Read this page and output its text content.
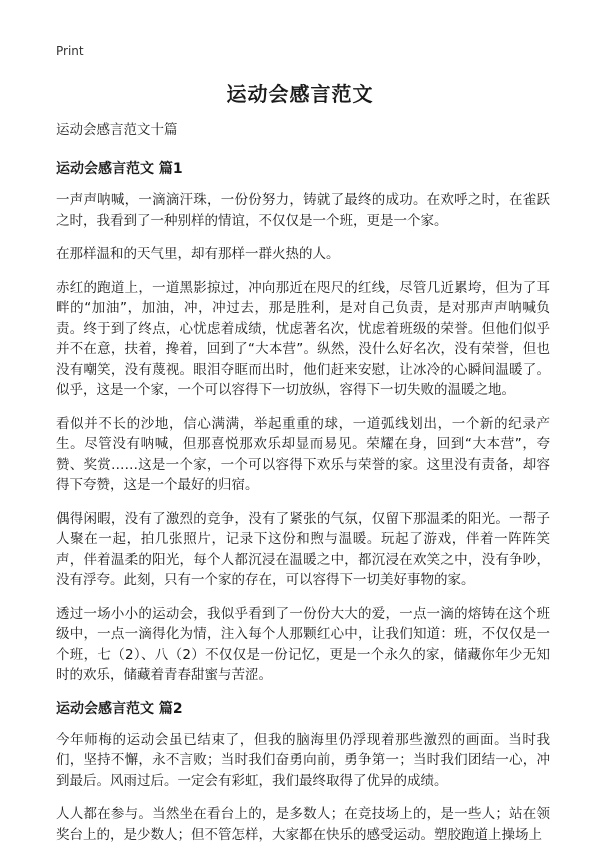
Print

运动会感言范文

运动会感言范文十篇

运动会感言范文 篇1

一声声呐喊，一滴滴汗珠，一份份努力，铸就了最终的成功。在欢呼之时，在雀跃之时，我看到了一种别样的情谊，不仅仅是一个班，更是一个家。

在那样温和的天气里，却有那样一群火热的人。

赤红的跑道上，一道黑影掠过，冲向那近在咫尺的红线，尽管几近累垮，但为了耳畔的“加油”，加油，冲，冲过去，那是胜利，是对自己负责，是对那声声呐喊负责。终于到了终点，心忧虑着成绩，忧虑著名次，忧虑着班级的荣誉。但他们似乎并不在意，扶着，搀着，回到了“大本营”。纵然，没什么好名次，没有荣誉，但也没有嘲笑，没有蔑视。眼泪夺眶而出时，他们赶来安慰，让冰冷的心瞬间温暖了。似乎，这是一个家，一个可以容得下一切放纵，容得下一切失败的温暖之地。

看似并不长的沙地，信心满满，举起重重的球，一道弧线划出，一个新的纪录产生。尽管没有呐喊，但那喜悦那欢乐却显而易见。荣耀在身，回到“大本营”，夸赞、奖赏……这是一个家，一个可以容得下欢乐与荣誉的家。这里没有责备，却容得下夸赞，这是一个最好的归宿。

偶得闲暇，没有了激烈的竞争，没有了紧张的气氛，仅留下那温柔的阳光。一帮子人聚在一起，拍几张照片，记录下这份和煦与温暖。玩起了游戏，伴着一阵阵笑声，伴着温柔的阳光，每个人都沉浸在温暖之中，都沉浸在欢笑之中，没有争吵，没有浮夸。此刻，只有一个家的存在，可以容得下一切美好事物的家。

透过一场小小的运动会，我似乎看到了一份份大大的爱，一点一滴的熔铸在这个班级中，一点一滴得化为情，注入每个人那颗红心中，让我们知道：班，不仅仅是一个班，七（2）、八（2）不仅仅是一份记忆，更是一个永久的家，储藏你年少无知时的欢乐，储藏着青春甜蜜与苦涩。

运动会感言范文 篇2

今年师梅的运动会虽已结束了，但我的脑海里仍浮现着那些激烈的画面。当时我们，坚持不懈，永不言败；当时我们奋勇向前，勇争第一；当时我们团结一心，冲到最后。风雨过后。一定会有彩虹，我们最终取得了优异的成绩。

人人都在参与。当然坐在看台上的，是多数人；在竞技场上的，是一些人；站在领奖台上的，是少数人；但不管怎样，大家都在快乐的感受运动。塑胶跑道上操场上
